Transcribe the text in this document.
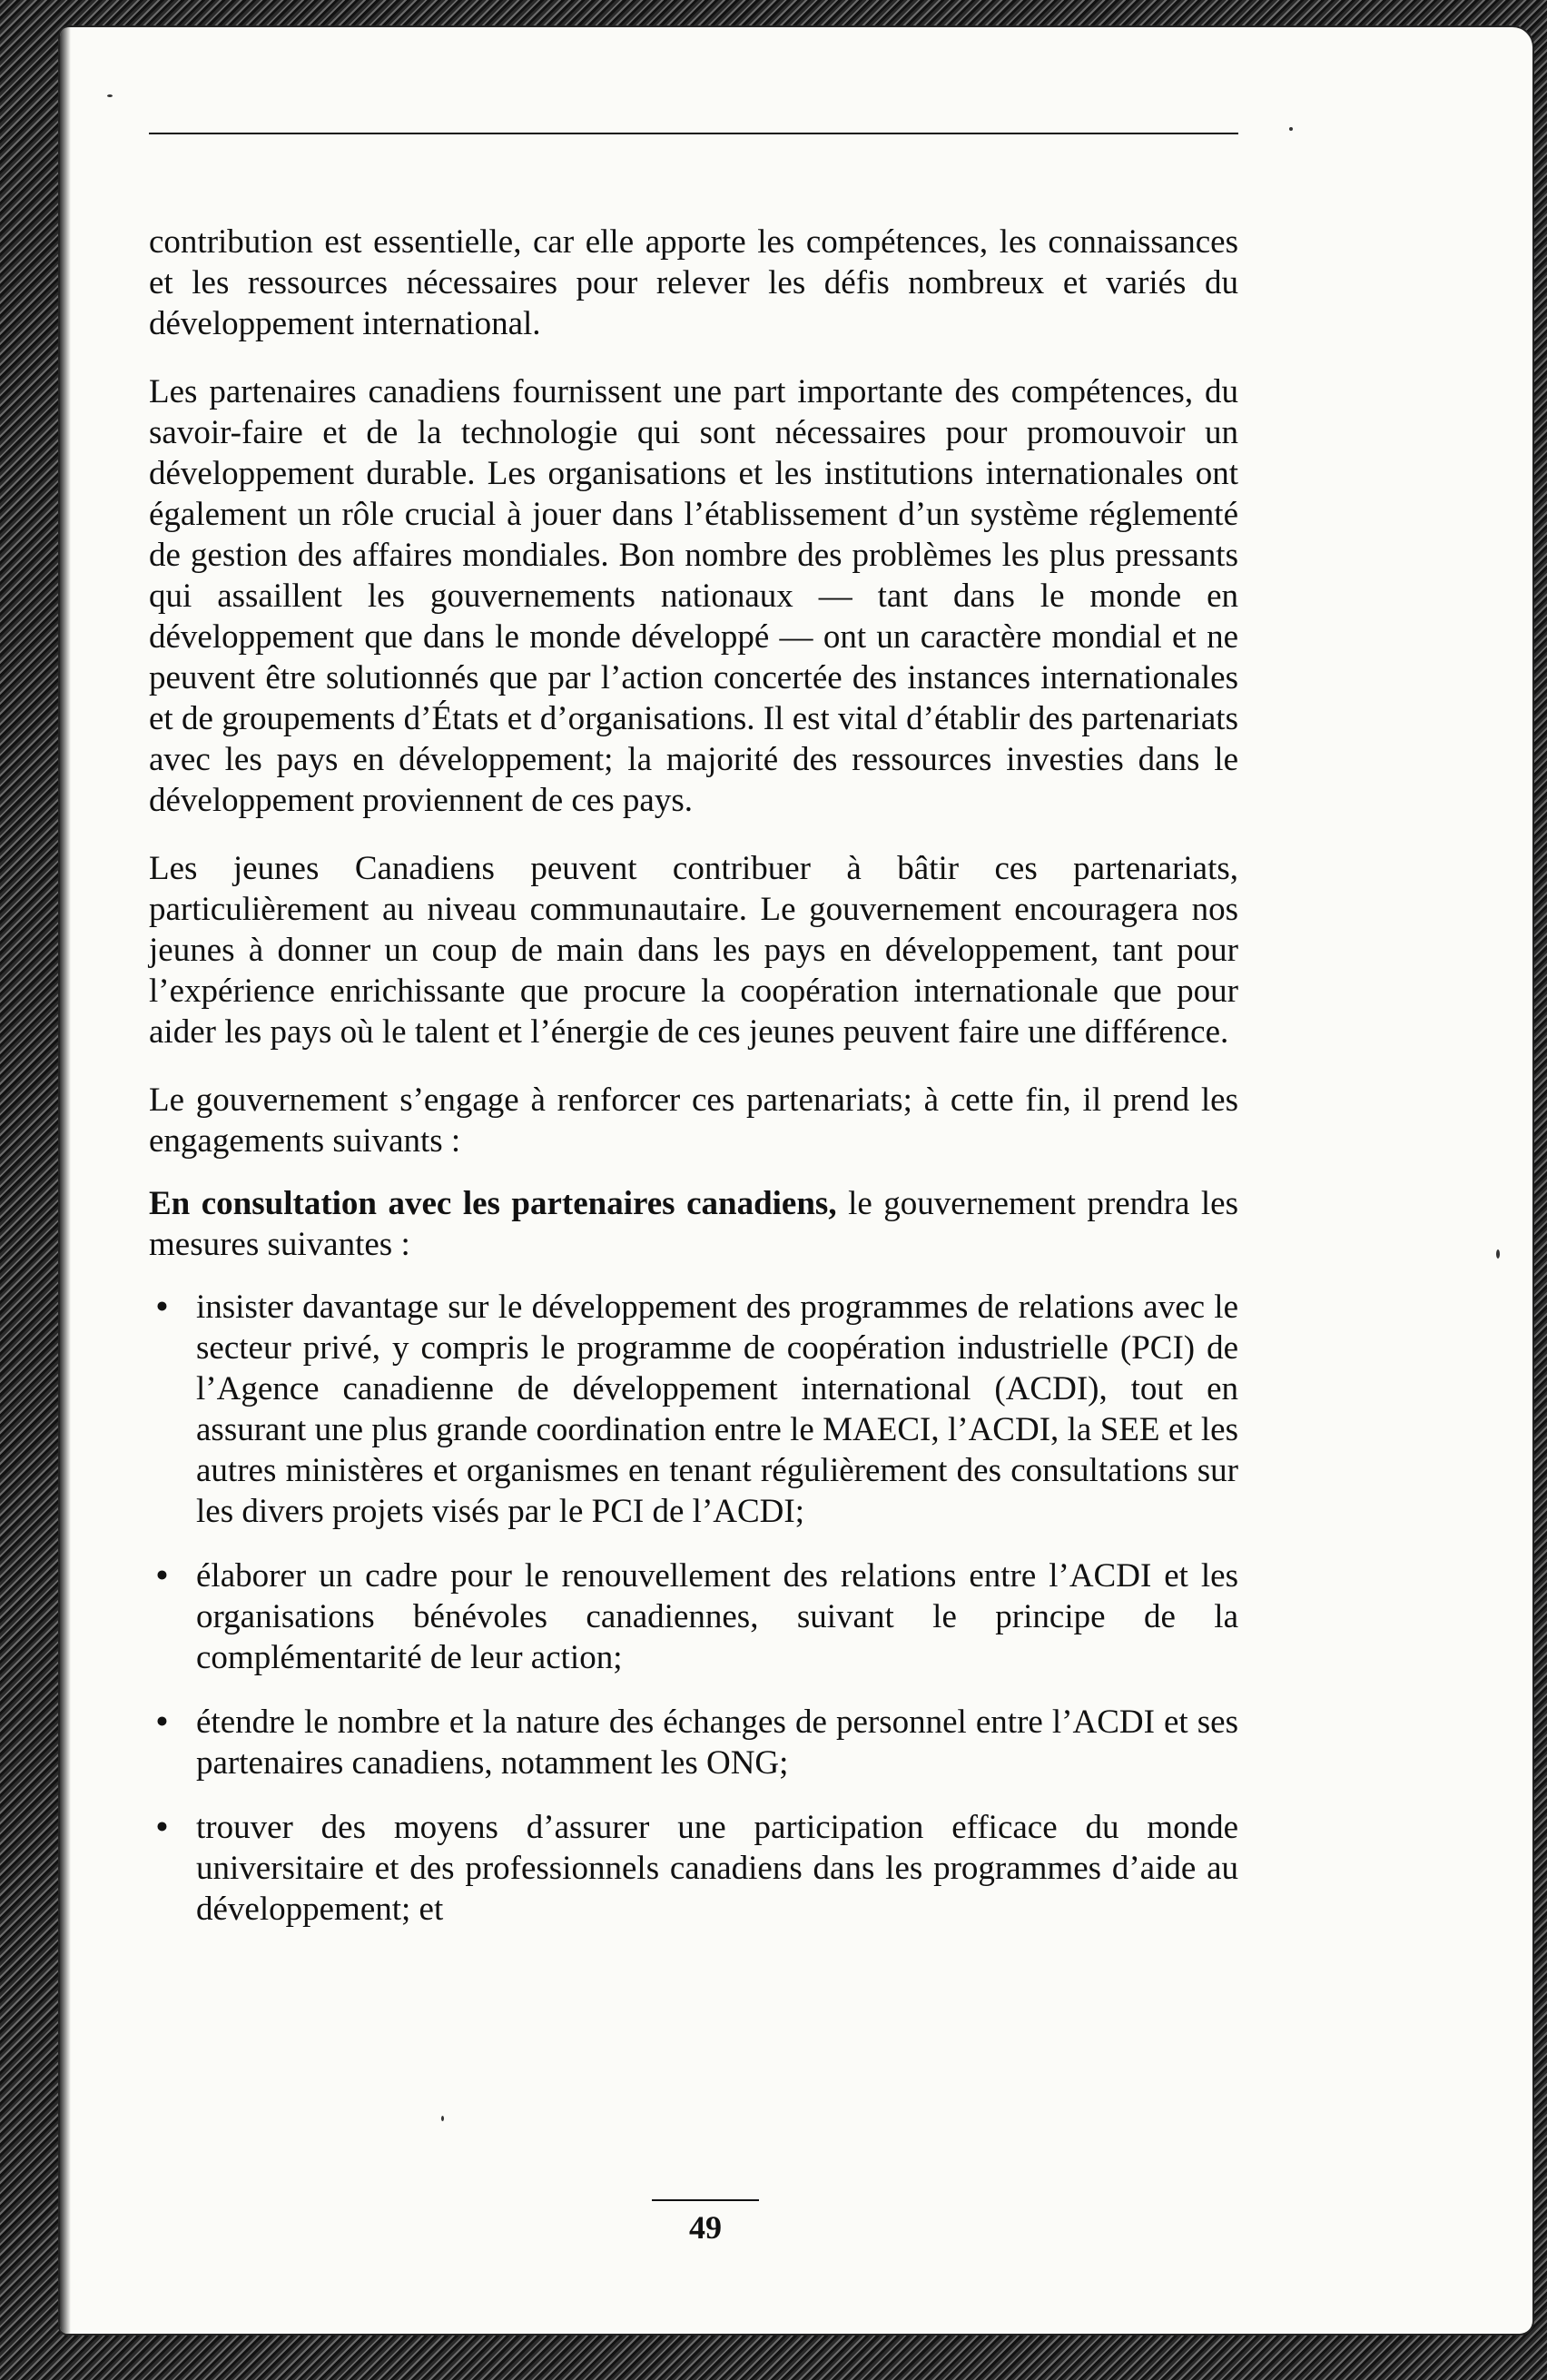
contribution est essentielle, car elle apporte les compétences, les connaissances et les ressources nécessaires pour relever les défis nombreux et variés du développement international.

Les partenaires canadiens fournissent une part importante des compétences, du savoir-faire et de la technologie qui sont nécessaires pour promouvoir un développement durable. Les organisations et les institutions internationales ont également un rôle crucial à jouer dans l’établissement d’un système réglementé de gestion des affaires mondiales. Bon nombre des problèmes les plus pressants qui assaillent les gouvernements nationaux — tant dans le monde en développement que dans le monde développé — ont un caractère mondial et ne peuvent être solutionnés que par l’action concertée des instances internationales et de groupements d’États et d’organisations. Il est vital d’établir des partenariats avec les pays en développement; la majorité des ressources investies dans le développement proviennent de ces pays.

Les jeunes Canadiens peuvent contribuer à bâtir ces partenariats, particulièrement au niveau communautaire. Le gouvernement encouragera nos jeunes à donner un coup de main dans les pays en développement, tant pour l’expérience enrichissante que procure la coopération internationale que pour aider les pays où le talent et l’énergie de ces jeunes peuvent faire une différence.

Le gouvernement s’engage à renforcer ces partenariats; à cette fin, il prend les engagements suivants :

En consultation avec les partenaires canadiens, le gouvernement prendra les mesures suivantes :

• insister davantage sur le développement des programmes de relations avec le secteur privé, y compris le programme de coopération industrielle (PCI) de l’Agence canadienne de développement international (ACDI), tout en assurant une plus grande coordination entre le MAECI, l’ACDI, la SEE et les autres ministères et organismes en tenant régulièrement des consultations sur les divers projets visés par le PCI de l’ACDI;
• élaborer un cadre pour le renouvellement des relations entre l’ACDI et les organisations bénévoles canadiennes, suivant le principe de la complémentarité de leur action;
• étendre le nombre et la nature des échanges de personnel entre l’ACDI et ses partenaires canadiens, notamment les ONG;
• trouver des moyens d’assurer une participation efficace du monde universitaire et des professionnels canadiens dans les programmes d’aide au développement; et
49
